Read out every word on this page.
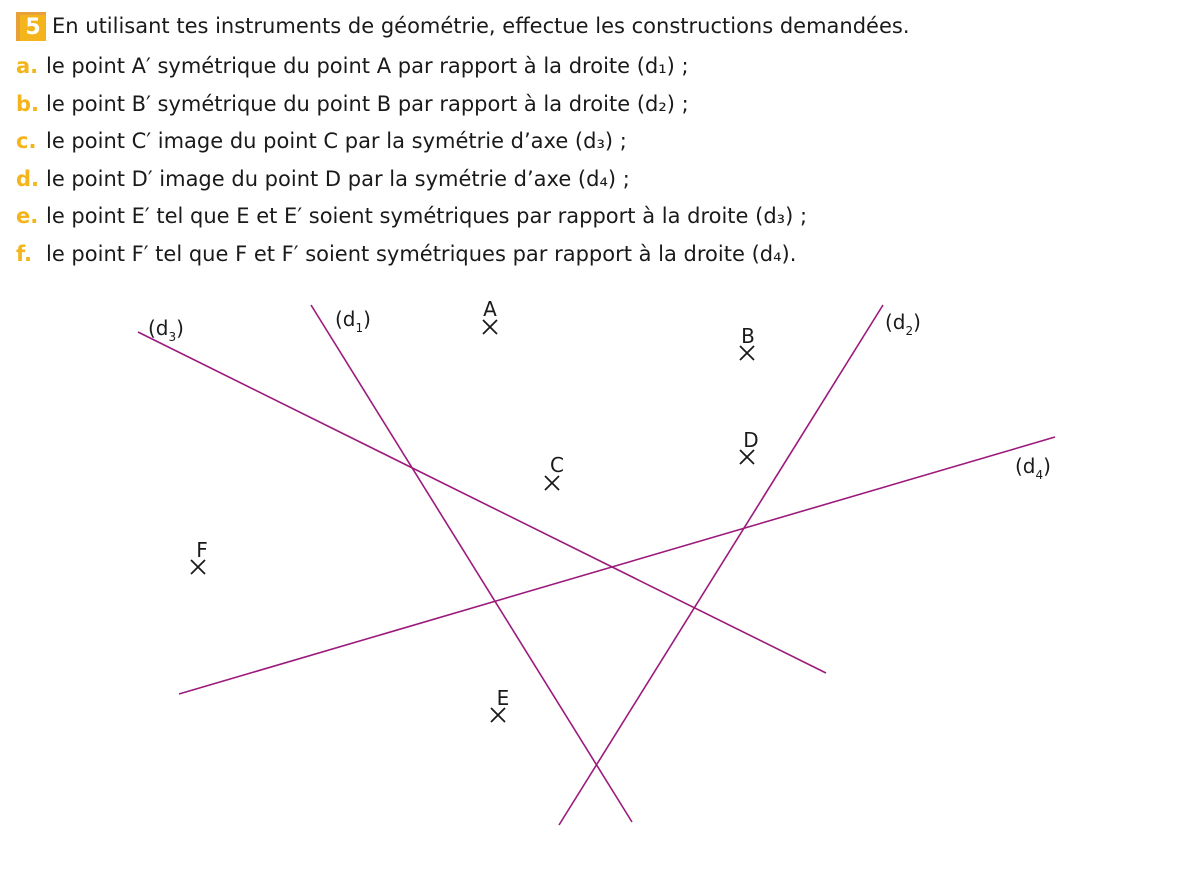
5 En utilisant tes instruments de géométrie, effectue les constructions demandées.
a. le point A′ symétrique du point A par rapport à la droite (d₁) ;
b. le point B′ symétrique du point B par rapport à la droite (d₂) ;
c. le point C′ image du point C par la symétrie d’axe (d₃) ;
d. le point D′ image du point D par la symétrie d’axe (d₄) ;
e. le point E′ tel que E et E′ soient symétriques par rapport à la droite (d₃) ;
f. le point F′ tel que F et F′ soient symétriques par rapport à la droite (d₄).
$(d_1)$	$(d_2)$
$(d_3)$
$(d_4)$
A
B
C
D
E
F
